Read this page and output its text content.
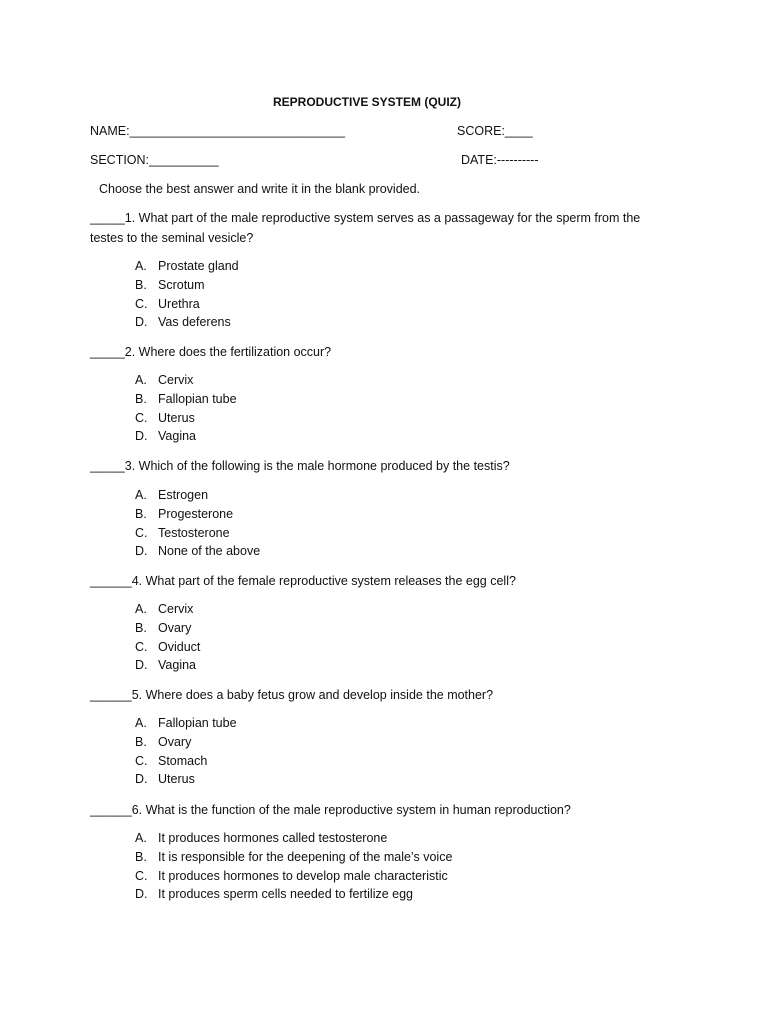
REPRODUCTIVE SYSTEM (QUIZ)
NAME:_______________________________	SCORE:____
SECTION:__________	DATE:----------
Choose the best answer and write it in the blank provided.
_____1. What part of the male reproductive system serves as a passageway for the sperm from the testes to the seminal vesicle?
A. Prostate gland
B. Scrotum
C. Urethra
D. Vas deferens
_____2. Where does the fertilization occur?
A. Cervix
B. Fallopian tube
C. Uterus
D. Vagina
_____3. Which of the following is the male hormone produced by the testis?
A. Estrogen
B. Progesterone
C. Testosterone
D. None of the above
______4. What part of the female reproductive system releases the egg cell?
A. Cervix
B. Ovary
C. Oviduct
D. Vagina
______5. Where does a baby fetus grow and develop inside the mother?
A. Fallopian tube
B. Ovary
C. Stomach
D. Uterus
______6. What is the function of the male reproductive system in human reproduction?
A. It produces hormones called testosterone
B. It is responsible for the deepening of the male’s voice
C. It produces hormones to develop male characteristic
D. It produces sperm cells needed to fertilize egg
